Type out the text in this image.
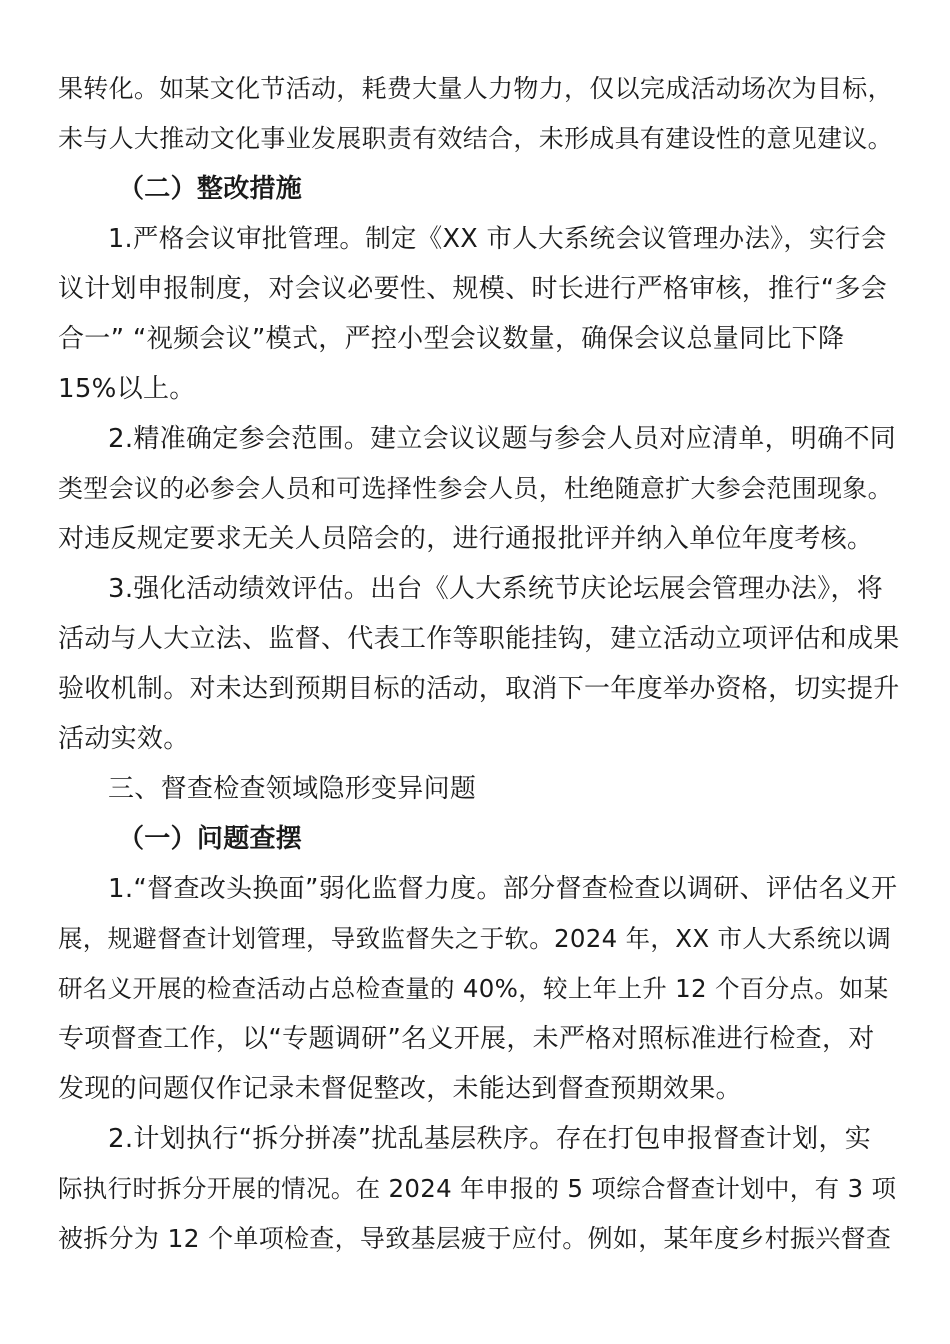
果转化。如某文化节活动，耗费大量人力物力，仅以完成活动场次为目标，

未与人大推动文化事业发展职责有效结合，未形成具有建设性的意见建议。

（二）整改措施

1.严格会议审批管理。制定《XX 市人大系统会议管理办法》，实行会

议计划申报制度，对会议必要性、规模、时长进行严格审核，推行“多会

合一” “视频会议”模式，严控小型会议数量，确保会议总量同比下降

15%以上。

2.精准确定参会范围。建立会议议题与参会人员对应清单，明确不同

类型会议的必参会人员和可选择性参会人员，杜绝随意扩大参会范围现象。

对违反规定要求无关人员陪会的，进行通报批评并纳入单位年度考核。

3.强化活动绩效评估。出台《人大系统节庆论坛展会管理办法》，将

活动与人大立法、监督、代表工作等职能挂钩，建立活动立项评估和成果

验收机制。对未达到预期目标的活动，取消下一年度举办资格，切实提升

活动实效。

三、督查检查领域隐形变异问题

（一）问题查摆

1.“督查改头换面”弱化监督力度。部分督查检查以调研、评估名义开

展，规避督查计划管理，导致监督失之于软。2024 年，XX 市人大系统以调

研名义开展的检查活动占总检查量的 40%，较上年上升 12 个百分点。如某

专项督查工作，以“专题调研”名义开展，未严格对照标准进行检查，对

发现的问题仅作记录未督促整改，未能达到督查预期效果。

2.计划执行“拆分拼凑”扰乱基层秩序。存在打包申报督查计划，实

际执行时拆分开展的情况。在 2024 年申报的 5 项综合督查计划中，有 3 项

被拆分为 12 个单项检查，导致基层疲于应付。例如，某年度乡村振兴督查
